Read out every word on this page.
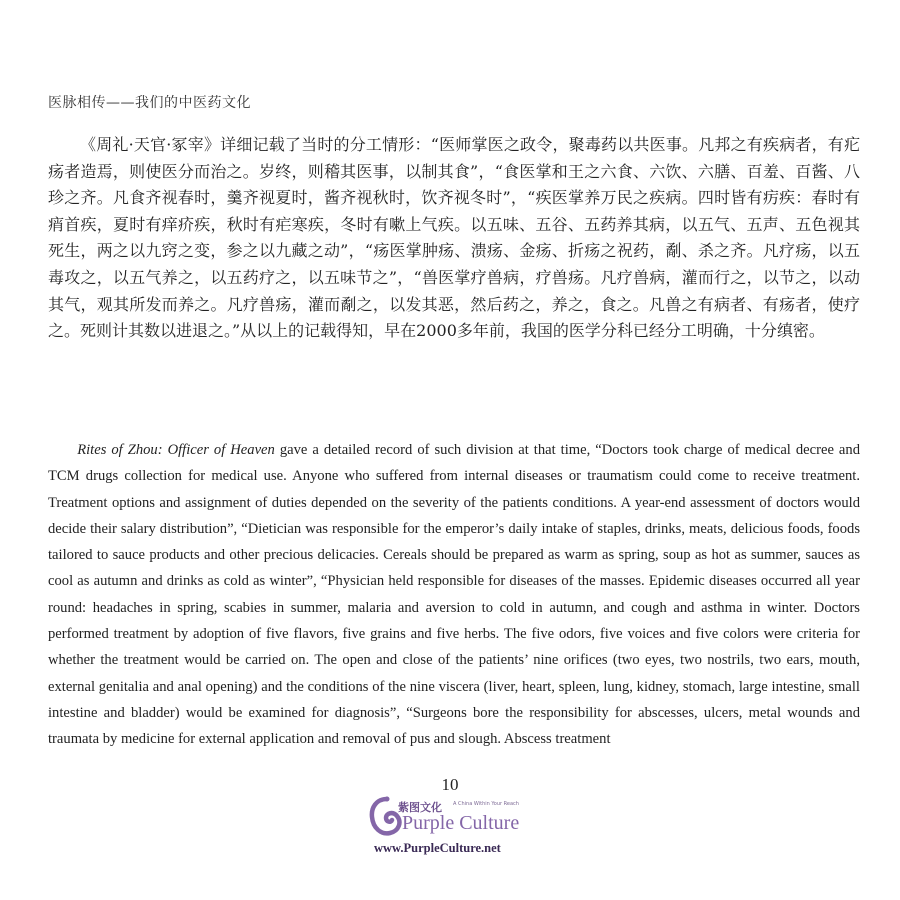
医脉相传——我们的中医药文化

《周礼·天官·冢宰》详细记载了当时的分工情形：“医师掌医之政令，聚毒药以共医事。凡邦之有疾病者，有疕疡者造焉，则使医分而治之。岁终，则稽其医事，以制其食”，“食医掌和王之六食、六饮、六膳、百羞、百酱、八珍之齐。凡食齐视春时，羹齐视夏时，酱齐视秋时，饮齐视冬时”，“疾医掌养万民之疾病。四时皆有疠疾：春时有痟首疾，夏时有痒疥疾，秋时有疟寒疾，冬时有嗽上气疾。以五味、五谷、五药养其病，以五气、五声、五色视其死生，两之以九窍之变，参之以九藏之动”，“疡医掌肿疡、溃疡、金疡、折疡之祝药，劀、杀之齐。凡疗疡，以五毒攻之，以五气养之，以五药疗之，以五味节之”，“兽医掌疗兽病，疗兽疡。凡疗兽病，灌而行之，以节之，以动其气，观其所发而养之。凡疗兽疡，灌而劀之，以发其恶，然后药之，养之，食之。凡兽之有病者、有疡者，使疗之。死则计其数以进退之。”从以上的记载得知，早在2000多年前，我国的医学分科已经分工明确，十分缜密。

Rites of Zhou: Officer of Heaven gave a detailed record of such division at that time, “Doctors took charge of medical decree and TCM drugs collection for medical use. Anyone who suffered from internal diseases or traumatism could come to receive treatment. Treatment options and assignment of duties depended on the severity of the patients conditions. A year-end assessment of doctors would decide their salary distribution”, “Dietician was responsible for the emperor’s daily intake of staples, drinks, meats, delicious foods, foods tailored to sauce products and other precious delicacies. Cereals should be prepared as warm as spring, soup as hot as summer, sauces as cool as autumn and drinks as cold as winter”, “Physician held responsible for diseases of the masses. Epidemic diseases occurred all year round: headaches in spring, scabies in summer, malaria and aversion to cold in autumn, and cough and asthma in winter. Doctors performed treatment by adoption of five flavors, five grains and five herbs. The five odors, five voices and five colors were criteria for whether the treatment would be carried on. The open and close of the patients’ nine orifices (two eyes, two nostrils, two ears, mouth, external genitalia and anal opening) and the conditions of the nine viscera (liver, heart, spleen, lung, kidney, stomach, large intestine, small intestine and bladder) would be examined for diagnosis”, “Surgeons bore the responsibility for abscesses, ulcers, metal wounds and traumata by medicine for external application and removal of pus and slough. Abscess treatment

10
紫图文化 A China Within Your Reach
Purple Culture
www.PurpleCulture.net
